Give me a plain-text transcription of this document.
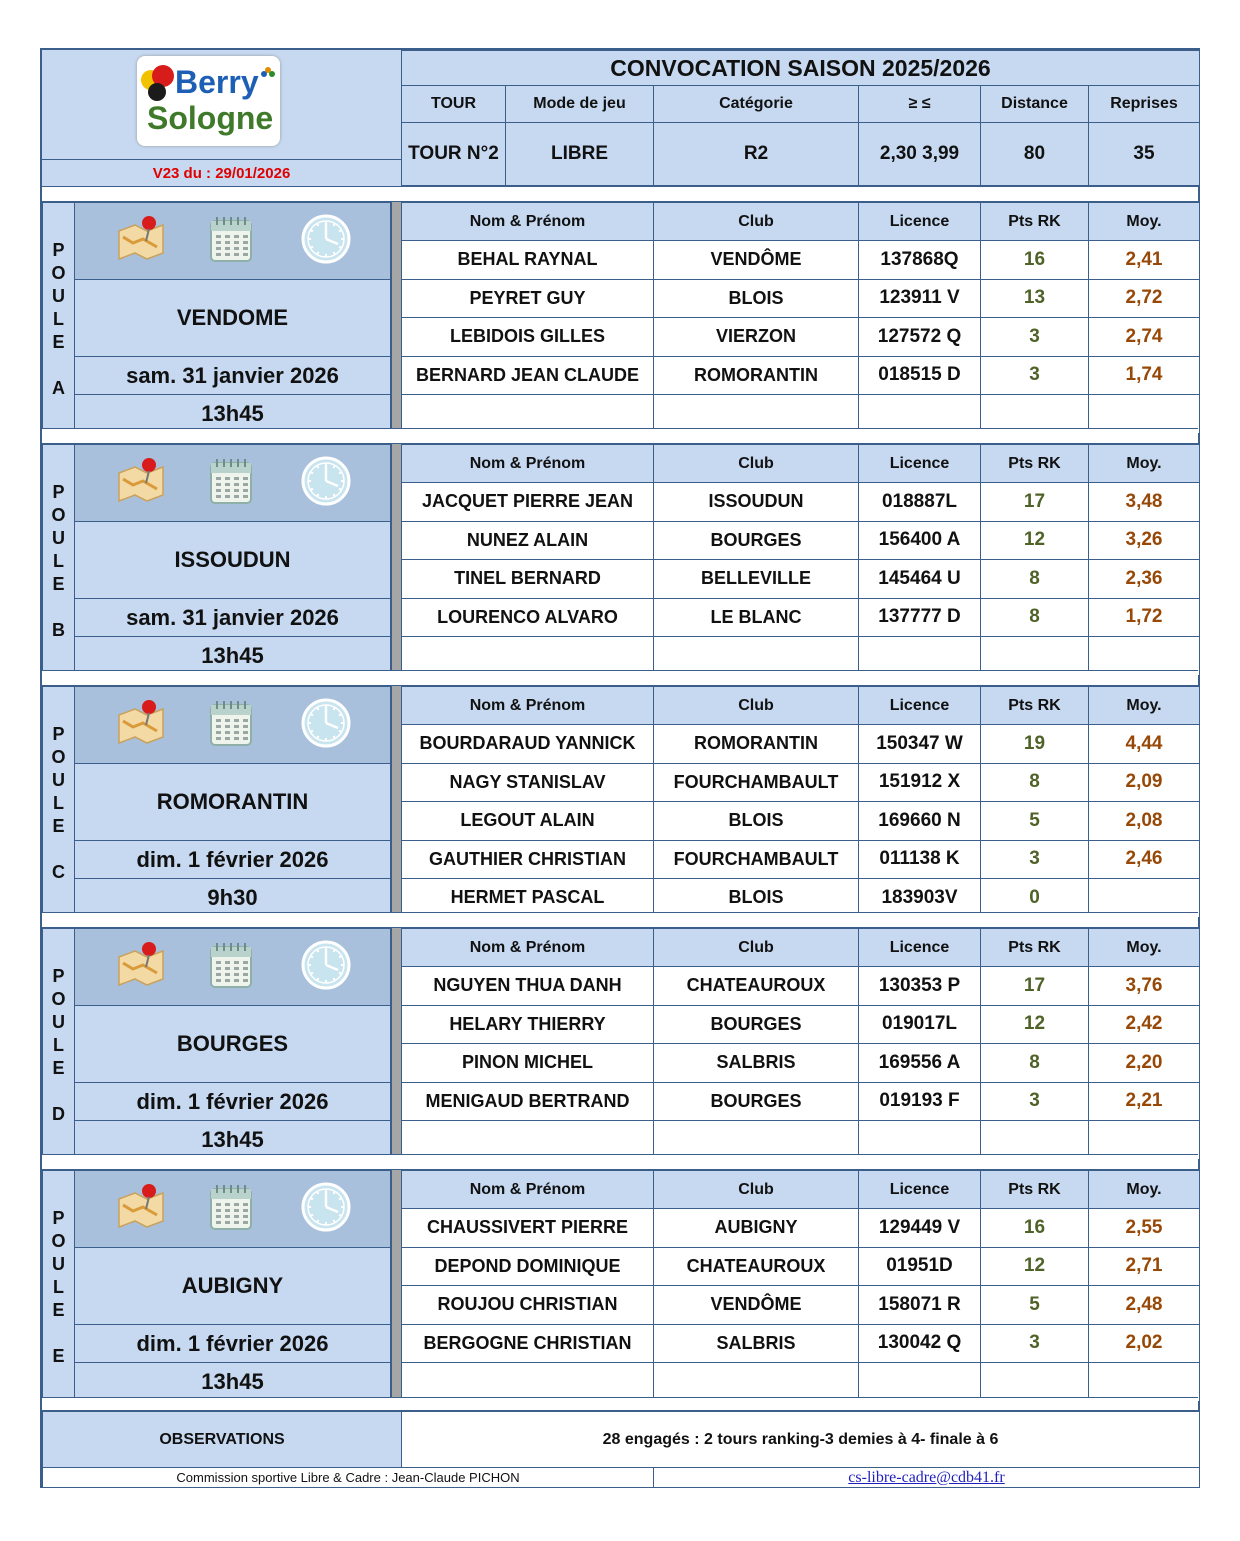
Berry
Sologne
V23 du : 29/01/2026
CONVOCATION SAISON 2025/2026
TOUR	Mode de jeu	Catégorie	≥ ≤	Distance	Reprises
TOUR N°2	LIBRE	R2	2,30 3,99	80	35
P
O
U
L
E
A
VENDOME
sam. 31 janvier 2026
13h45
Nom & Prénom	Club	Licence	Pts RK	Moy.
BEHAL RAYNAL	VENDÔME	137868Q	16	2,41
PEYRET GUY	BLOIS	123911 V	13	2,72
LEBIDOIS GILLES	VIERZON	127572 Q	3	2,74
BERNARD JEAN CLAUDE	ROMORANTIN	018515 D	3	1,74
P
O
U
L
E
B
ISSOUDUN
sam. 31 janvier 2026
13h45
Nom & Prénom	Club	Licence	Pts RK	Moy.
JACQUET PIERRE JEAN	ISSOUDUN	018887L	17	3,48
NUNEZ ALAIN	BOURGES	156400 A	12	3,26
TINEL BERNARD	BELLEVILLE	145464 U	8	2,36
LOURENCO ALVARO	LE BLANC	137777 D	8	1,72
P
O
U
L
E
C
ROMORANTIN
dim. 1 février 2026
9h30
Nom & Prénom	Club	Licence	Pts RK	Moy.
BOURDARAUD YANNICK	ROMORANTIN	150347 W	19	4,44
NAGY STANISLAV	FOURCHAMBAULT	151912 X	8	2,09
LEGOUT ALAIN	BLOIS	169660 N	5	2,08
GAUTHIER CHRISTIAN	FOURCHAMBAULT	011138 K	3	2,46
HERMET PASCAL	BLOIS	183903V	0
P
O
U
L
E
D
BOURGES
dim. 1 février 2026
13h45
Nom & Prénom	Club	Licence	Pts RK	Moy.
NGUYEN THUA DANH	CHATEAUROUX	130353 P	17	3,76
HELARY THIERRY	BOURGES	019017L	12	2,42
PINON MICHEL	SALBRIS	169556 A	8	2,20
MENIGAUD BERTRAND	BOURGES	019193 F	3	2,21
P
O
U
L
E
E
AUBIGNY
dim. 1 février 2026
13h45
Nom & Prénom	Club	Licence	Pts RK	Moy.
CHAUSSIVERT PIERRE	AUBIGNY	129449 V	16	2,55
DEPOND DOMINIQUE	CHATEAUROUX	01951D	12	2,71
ROUJOU CHRISTIAN	VENDÔME	158071 R	5	2,48
BERGOGNE CHRISTIAN	SALBRIS	130042 Q	3	2,02
OBSERVATIONS	28 engagés : 2 tours ranking-3 demies à 4- finale à 6
Commission sportive Libre & Cadre : Jean-Claude PICHON	cs-libre-cadre@cdb41.fr
